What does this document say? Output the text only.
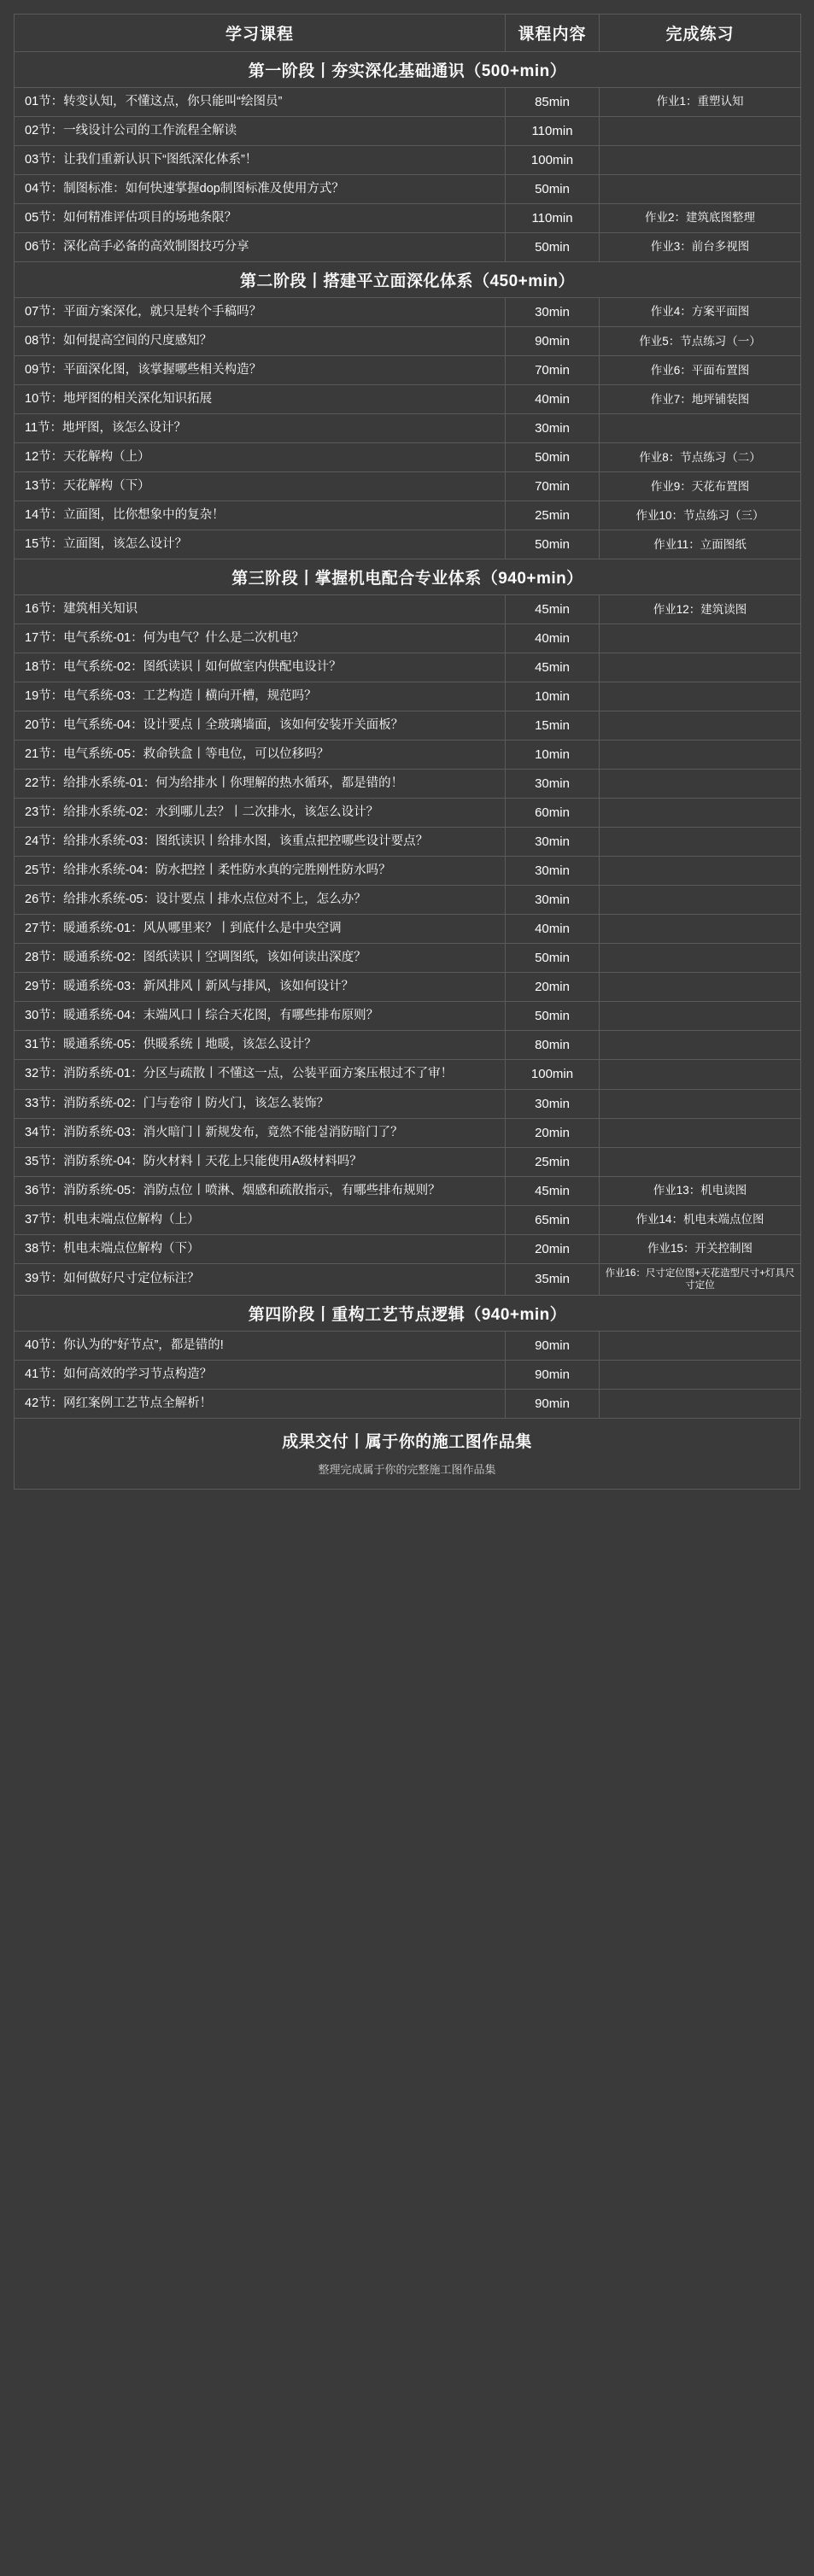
学习课程	课程内容	完成练习
第一阶段丨夯实深化基础通识（500+min）		
01节：转变认知，不懂这点，你只能叫“绘图员”	85min	作业1：重塑认知
02节：一线设计公司的工作流程全解读	110min	
03节：让我们重新认识下“图纸深化体系”！	100min	
04节：制图标准：如何快速掌握dop制图标准及使用方式？	50min	
05节：如何精准评估项目的场地条限？	110min	作业2：建筑底图整理
06节：深化高手必备的高效制图技巧分享	50min	作业3：前台多视图
第二阶段丨搭建平立面深化体系（450+min）		
07节：平面方案深化，就只是转个手稿吗？	30min	作业4：方案平面图
08节：如何提高空间的尺度感知？	90min	作业5：节点练习（一）
09节：平面深化图，该掌握哪些相关构造？	70min	作业6：平面布置图
10节：地坪图的相关深化知识拓展	40min	作业7：地坪铺装图
11节：地坪图，该怎么设计？	30min	
12节：天花解构（上）	50min	作业8：节点练习（二）
13节：天花解构（下）	70min	作业9：天花布置图
14节：立面图，比你想象中的复杂！	25min	作业10：节点练习（三）
15节：立面图，该怎么设计？	50min	作业11：立面图纸
第三阶段丨掌握机电配合专业体系（940+min）		
16节：建筑相关知识	45min	作业12：建筑读图
17节：电气系统-01：何为电气？什么是二次机电？	40min	
18节：电气系统-02：图纸读识丨如何做室内供配电设计？	45min	
19节：电气系统-03：工艺构造丨横向开槽，规范吗？	10min	
20节：电气系统-04：设计要点丨全玻璃墙面，该如何安装开关面板？	15min	
21节：电气系统-05：救命铁盒丨等电位，可以位移吗？	10min	
22节：给排水系统-01：何为给排水丨你理解的热水循环，都是错的！	30min	
23节：给排水系统-02：水到哪儿去？丨二次排水，该怎么设计？	60min	
24节：给排水系统-03：图纸读识丨给排水图，该重点把控哪些设计要点？	30min	
25节：给排水系统-04：防水把控丨柔性防水真的完胜刚性防水吗？	30min	
26节：给排水系统-05：设计要点丨排水点位对不上，怎么办？	30min	
27节：暖通系统-01：风从哪里来？丨到底什么是中央空调	40min	
28节：暖通系统-02：图纸读识丨空调图纸，该如何读出深度？	50min	
29节：暖通系统-03：新风排风丨新风与排风，该如何设计？	20min	
30节：暖通系统-04：末端风口丨综合天花图，有哪些排布原则？	50min	
31节：暖通系统-05：供暖系统丨地暖，该怎么设计？	80min	
32节：消防系统-01：分区与疏散丨不懂这一点，公装平面方案压根过不了审！	100min	
33节：消防系统-02：门与卷帘丨防火门，该怎么装饰？	30min	
34节：消防系统-03：消火暗门丨新规发布，竟然不能설消防暗门了？	20min	
35节：消防系统-04：防火材料丨天花上只能使用A级材料吗？	25min	
36节：消防系统-05：消防点位丨喷淋、烟感和疏散指示，有哪些排布规则？	45min	作业13：机电读图
37节：机电末端点位解构（上）	65min	作业14：机电末端点位图
38节：机电末端点位解构（下）	20min	作业15：开关控制图
39节：如何做好尺寸定位标注？	35min	作业16：尺寸定位图+天花造型尺寸+灯具尺寸定位
第四阶段丨重构工艺节点逻辑（940+min）		
40节：你认为的“好节点”，都是错的!	90min	
41节：如何高效的学习节点构造？	90min	
42节：网红案例工艺节点全解析！	90min	
成果交付丨属于你的施工图作品集
整理完成属于你的完整施工图作品集
